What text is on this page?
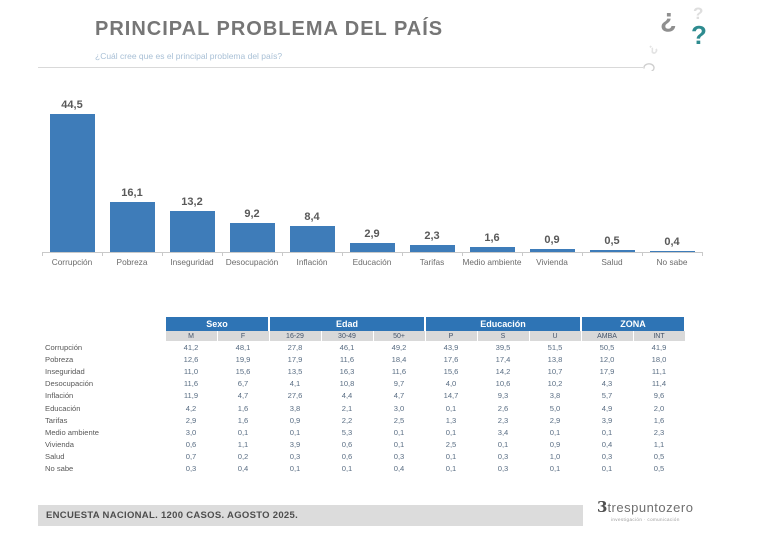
PRINCIPAL PROBLEMA DEL PAÍS
¿Cuál cree que es el principal problema del país?
? ?
?
?
44,5
16,1
13,2
9,2	8,4
2,9	2,3	1,6	0,9	0,5	0,4
Corrupción	Pobreza	Inseguridad	Desocupación	Inflación	Educación	Tarifas	Medio ambiente	Vivienda	Salud	No sabe
Sexo	Edad	Educación	ZONA
M	F	16-29	30-49	50+	P	S	U	AMBA	INT
Corrupción	41,2	48,1	27,8	46,1	49,2	43,9	39,5	51,5	50,5	41,9
Pobreza	12,6	19,9	17,9	11,6	18,4	17,6	17,4	13,8	12,0	18,0
Inseguridad	11,0	15,6	13,5	16,3	11,6	15,6	14,2	10,7	17,9	11,1
Desocupación	11,6	6,7	4,1	10,8	9,7	4,0	10,6	10,2	4,3	11,4
Inflación	11,9	4,7	27,6	4,4	4,7	14,7	9,3	3,8	5,7	9,6
Educación	4,2	1,6	3,8	2,1	3,0	0,1	2,6	5,0	4,9	2,0
Tarifas	2,9	1,6	0,9	2,2	2,5	1,3	2,3	2,9	3,9	1,6
Medio ambiente	3,0	0,1	0,1	5,3	0,1	0,1	3,4	0,1	0,1	2,3
Vivienda	0,6	1,1	3,9	0,6	0,1	2,5	0,1	0,9	0,4	1,1
Salud	0,7	0,2	0,3	0,6	0,3	0,1	0,3	1,0	0,3	0,5
No sabe	0,3	0,4	0,1	0,1	0,4	0,1	0,3	0,1	0,1	0,5
ENCUESTA NACIONAL. 1200 CASOS. AGOSTO 2025.	3 trespuntozero
investigación · comunicación
